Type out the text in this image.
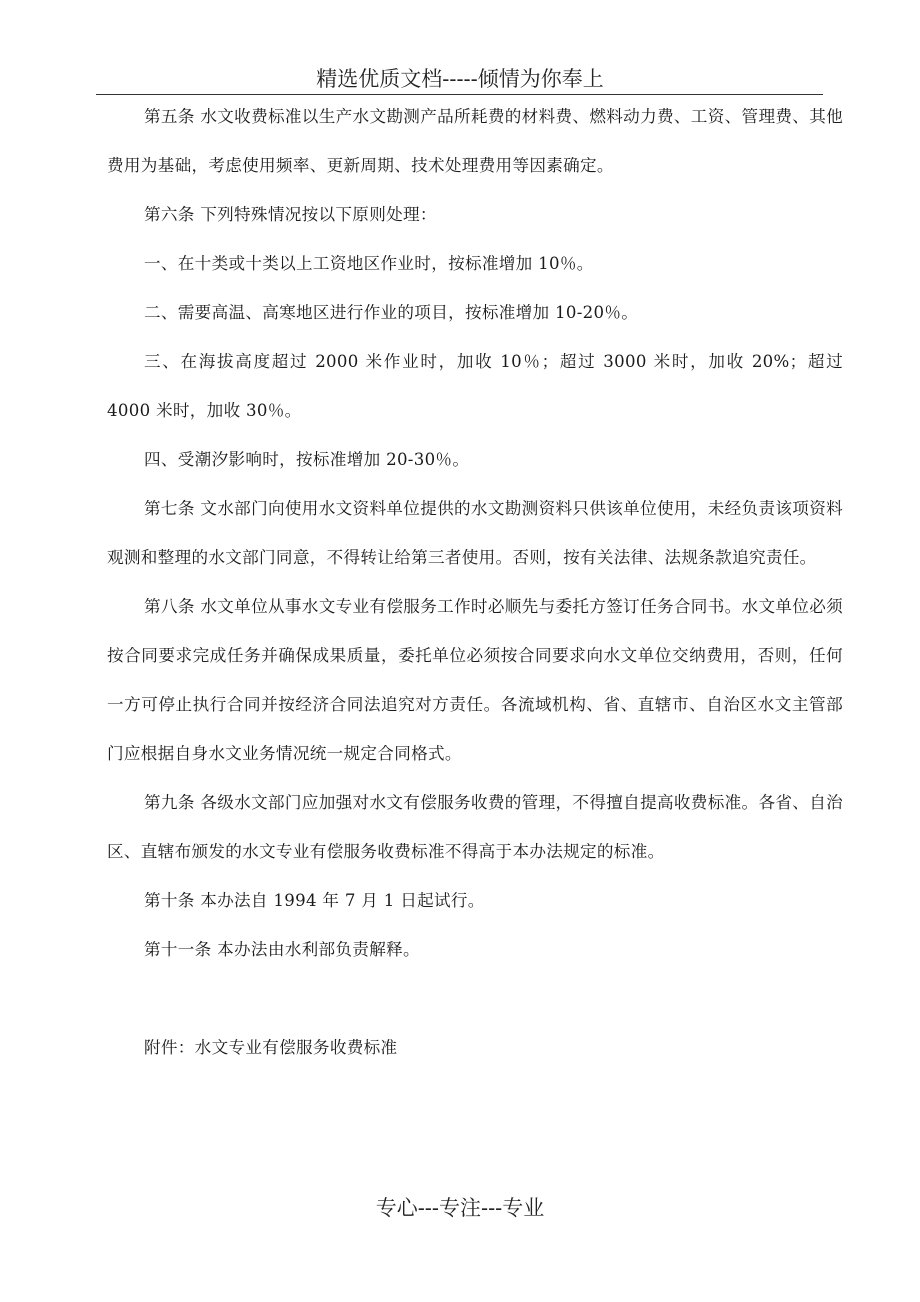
精选优质文档-----倾情为你奉上

第五条 水文收费标准以生产水文勘测产品所耗费的材料费、燃料动力费、工资、管理费、其他费用为基础，考虑使用频率、更新周期、技术处理费用等因素确定。

第六条 下列特殊情况按以下原则处理：

一、在十类或十类以上工资地区作业时，按标准增加 10％。

二、需要高温、高寒地区进行作业的项目，按标准增加 10-20％。

三、在海拔高度超过 2000 米作业时，加收 10％；超过 3000 米时，加收 20%；超过 4000 米时，加收 30％。

四、受潮汐影响时，按标准增加 20-30％。

第七条 文水部门向使用水文资料单位提供的水文勘测资料只供该单位使用，未经负责该项资料观测和整理的水文部门同意，不得转让给第三者使用。否则，按有关法律、法规条款追究责任。

第八条 水文单位从事水文专业有偿服务工作时必顺先与委托方签订任务合同书。水文单位必须按合同要求完成任务并确保成果质量，委托单位必须按合同要求向水文单位交纳费用，否则，任何一方可停止执行合同并按经济合同法追究对方责任。各流域机构、省、直辖市、自治区水文主管部门应根据自身水文业务情况统一规定合同格式。

第九条 各级水文部门应加强对水文有偿服务收费的管理，不得擅自提高收费标准。各省、自治区、直辖布颁发的水文专业有偿服务收费标准不得高于本办法规定的标准。

第十条 本办法自 1994 年 7 月 1 日起试行。

第十一条 本办法由水利部负责解释。

附件：水文专业有偿服务收费标准

专心---专注---专业
